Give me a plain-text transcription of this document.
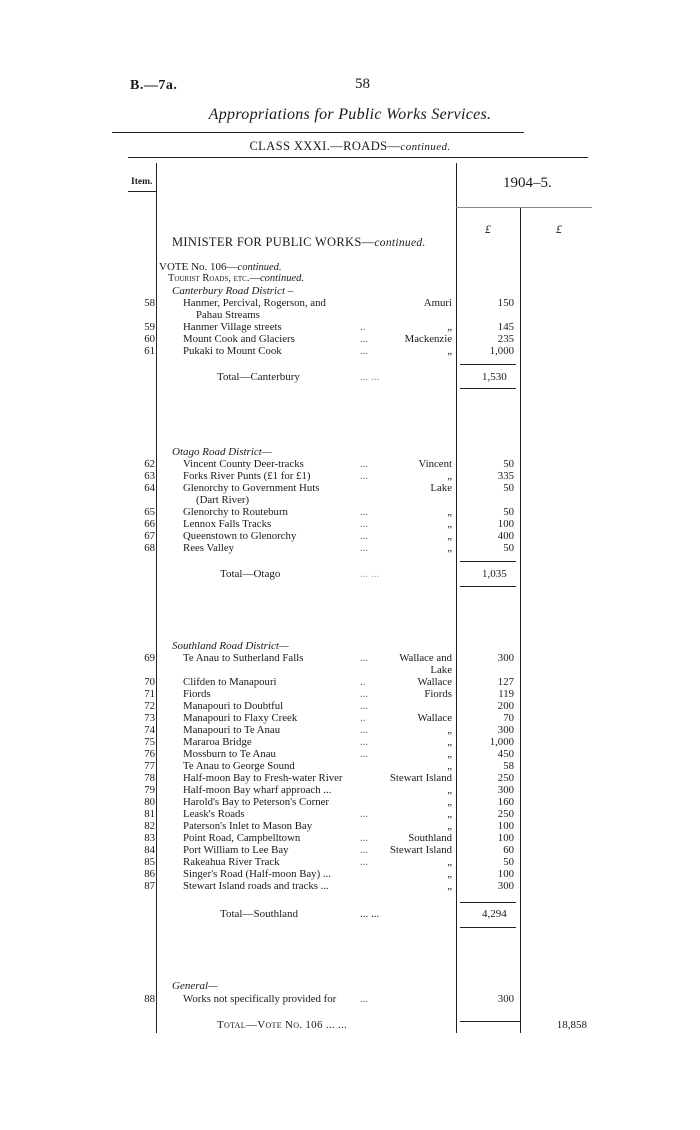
B.—7a.	58
Appropriations for Public Works Services.
CLASS XXXI.—ROADS—continued.
Item.	1904–5.
£	£
MINISTER FOR PUBLIC WORKS—continued.
VOTE No. 106—continued.
Tourist Roads, etc.—continued.
Canterbury Road District –
58	Hanmer, Percival, Rogerson, and	Amuri	150
Pahau Streams
59	Hanmer Village streets	..	„	145
60	Mount Cook and Glaciers	...	Mackenzie	235
61	Pukaki to Mount Cook	...	„	1,000
Total—Canterbury	... ...	1,530
Otago Road District—
62	Vincent County Deer-tracks	...	Vincent	50
63	Forks River Punts (£1 for £1)	...	„	335
64	Glenorchy to Government Huts	Lake	50
(Dart River)
65	Glenorchy to Routeburn	...	„	50
66	Lennox Falls Tracks	...	„	100
67	Queenstown to Glenorchy	...	„	400
68	Rees Valley	...	„	50
Total—Otago	... ...	1,035
Southland Road District—
69	Te Anau to Sutherland Falls	...	Wallace and	300
Lake
70	Clifden to Manapouri	..	Wallace	127
71	Fiords	...	Fiords	119
72	Manapouri to Doubtful	...	200
73	Manapouri to Flaxy Creek	..	Wallace	70
74	Manapouri to Te Anau	...	„	300
75	Mararoa Bridge	...	„	1,000
76	Mossburn to Te Anau	...	„	450
77	Te Anau to George Sound	„	58
78	Half-moon Bay to Fresh-water River	Stewart Island	250
79	Half-moon Bay wharf approach ...	„	300
80	Harold's Bay to Peterson's Corner	„	160
81	Leask's Roads	...	„	250
82	Paterson's Inlet to Mason Bay	„	100
83	Point Road, Campbelltown	...	Southland	100
84	Port William to Lee Bay	... Stewart Island	60
85	Rakeahua River Track	...	„	50
86	Singer's Road (Half-moon Bay) ...	„	100
87	Stewart Island roads and tracks ...	„	300
Total—Southland	... ...	4,294
General—
88	Works not specifically provided for ...	300
Total—Vote No. 106 ... ...	18,858
